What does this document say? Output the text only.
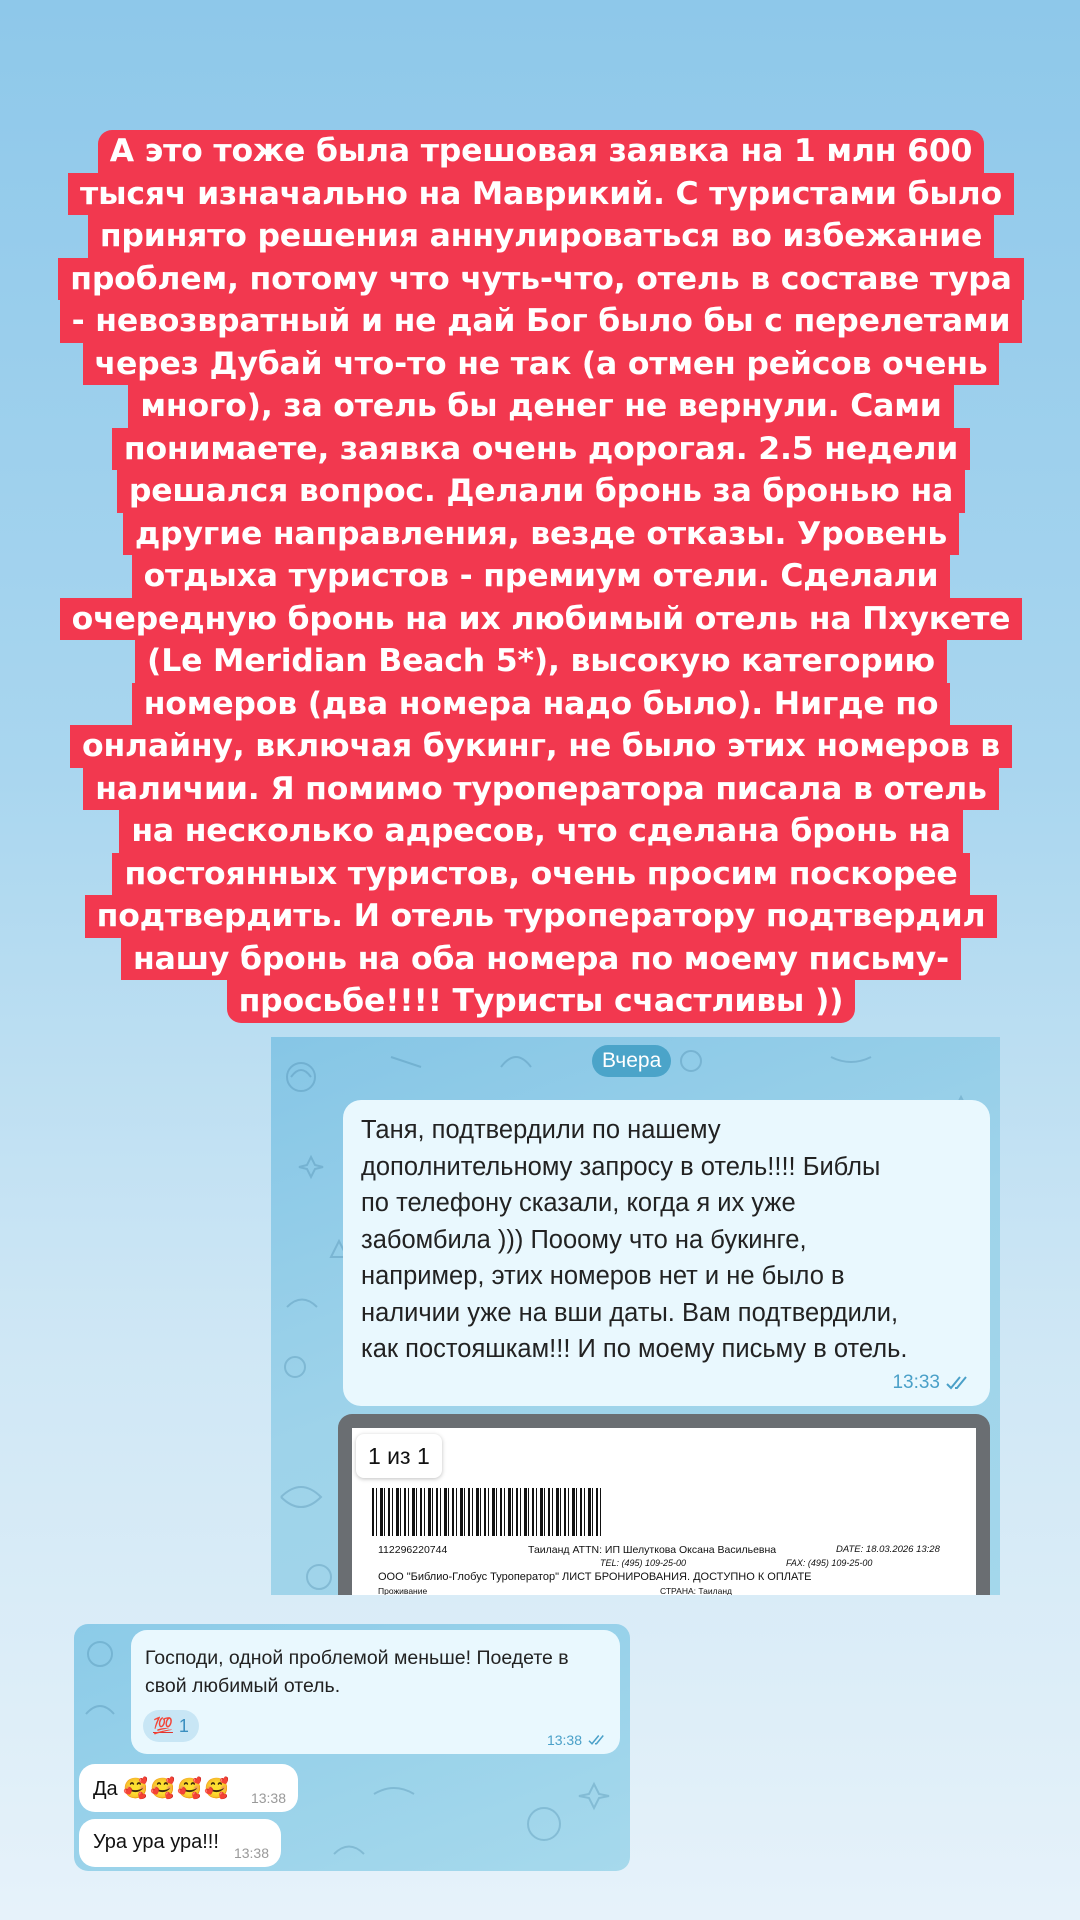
А это тоже была трешовая заявка на 1 млн 600
тысяч изначально на Маврикий. С туристами было
принято решения аннулироваться во избежание
проблем, потому что чуть-что, отель в составе тура
- невозвратный и не дай Бог было бы с перелетами
через Дубай что-то не так (а отмен рейсов очень
много), за отель бы денег не вернули. Сами
понимаете, заявка очень дорогая. 2.5 недели
решался вопрос. Делали бронь за бронью на
другие направления, везде отказы. Уровень
отдыха туристов - премиум отели. Сделали
очередную бронь на их любимый отель на Пхукете
(Le Meridian Beach 5*), высокую категорию
номеров (два номера надо было). Нигде по
онлайну, включая букинг, не было этих номеров в
наличии. Я помимо туроператора писала в отель
на несколько адресов, что сделана бронь на
постоянных туристов, очень просим поскорее
подтвердить. И отель туроператору подтвердил
нашу бронь на оба номера по моему письму-
просьбе!!!! Туристы счастливы ))
Вчера
Таня, подтвердили по нашему
дополнительному запросу в отель!!!! Библы
по телефону сказали, когда я их уже
забомбила ))) Пооому что на букинге,
например, этих номеров нет и не было в
наличии уже на вши даты. Вам подтвердили,
как постояшкам!!! И по моему письму в отель.
13:33
112296220744	Таиланд ATTN: ИП Шелуткова Оксана Васильевна	DATE: 18.03.2026 13:28
TEL: (495) 109-25-00	FAX: (495) 109-25-00
ООО "Библио-Глобус Туроператор" ЛИСТ БРОНИРОВАНИЯ. ДОСТУПНО К ОПЛАТЕ
Проживание	СТРАНА: Таиланд
1 из 1
Господи, одной проблемой меньше! Поедете в свой любимый отель.
💯 1
13:38
Да 🥰🥰🥰🥰 13:38
Ура ура ура!!! 13:38
